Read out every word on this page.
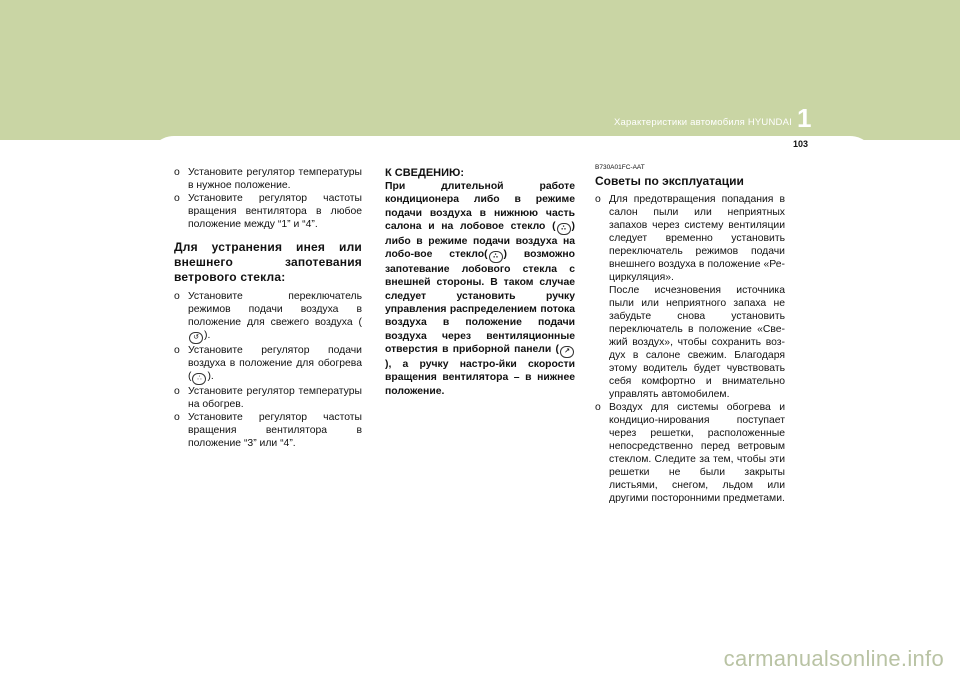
Характеристики автомобиля HYUNDAI 1
103
o Установите регулятор температуры в нужное положение.
o Установите регулятор частоты вращения вентилятора в любое положение между “1” и “4”.
Для устранения инея или внешнего запотевания ветрового стекла:
o Установите переключатель режимов подачи воздуха в положение для свежего воздуха (↺ ).
o Установите регулятор подачи воздуха в положение для обогрева ( ∴ ).
o Установите регулятор температуры на обогрев.
o Установите регулятор частоты вращения вентилятора в положение “3” или “4”.
К СВЕДЕНИЮ:
При длительной работе кондиционера либо в режиме подачи воздуха в нижнюю часть салона и на лобовое стекло ( ∴ ) либо в режиме подачи воздуха на лобо-вое стекло( ∴ ) возможно запотевание лобового стекла с внешней стороны. В таком случае следует установить ручку управления распределением потока воздуха в положение подачи воздуха через вентиляционные отверстия в приборной панели ( ↗), а ручку настро-йки скорости вращения вентилятора – в нижнее положение.
B730A01FC-AAT
Советы по эксплуатации
o Для предотвращения попадания в салон пыли или неприятных запахов через систему вентиляции следует временно установить переключатель режимов подачи внешнего воздуха в положение «Ре-циркуляция».
После исчезновения источника пыли или неприятного запаха не забудьте снова установить переключатель в положение «Све-жий воздух», чтобы сохранить воз-дух в салоне свежим. Благодаря этому водитель будет чувствовать себя комфортно и внимательно управлять автомобилем.
o Воздух для системы обогрева и кондицио-нирования поступает через решетки, расположенные непосредственно перед ветровым стеклом. Следите за тем, чтобы эти решетки не были закрыты листьями, снегом, льдом или другими посторонними предметами.
carmanualsonline.info
